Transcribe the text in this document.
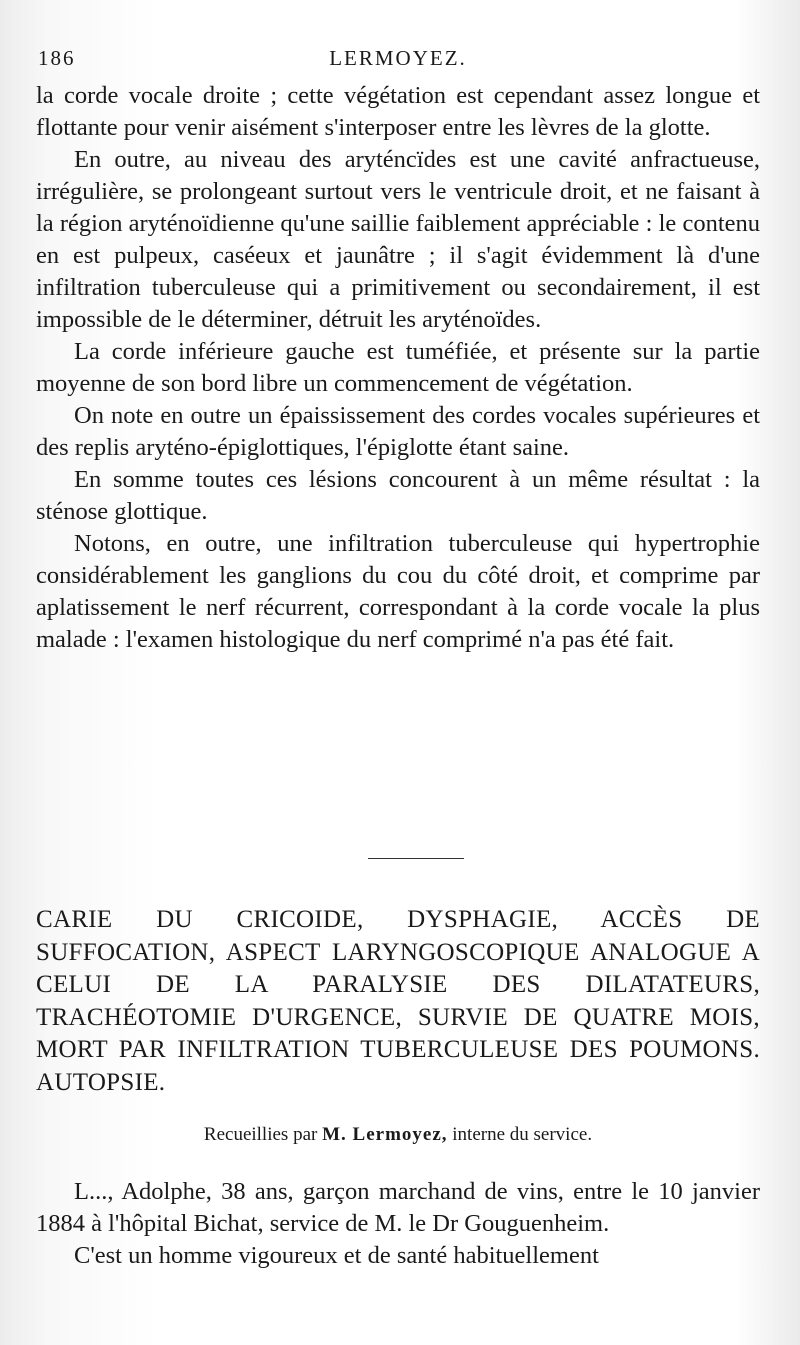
186	LERMOYEZ.

la corde vocale droite ; cette végétation est cependant assez longue et flottante pour venir aisément s'interposer entre les lèvres de la glotte.

En outre, au niveau des aryténcïdes est une cavité anfractueuse, irrégulière, se prolongeant surtout vers le ventricule droit, et ne faisant à la région aryténoïdienne qu'une saillie faiblement appréciable : le contenu en est pulpeux, caséeux et jaunâtre ; il s'agit évidemment là d'une infiltration tuberculeuse qui a primitivement ou secondairement, il est impossible de le déterminer, détruit les aryténoïdes.

La corde inférieure gauche est tuméfiée, et présente sur la partie moyenne de son bord libre un commencement de végétation.

On note en outre un épaississement des cordes vocales supérieures et des replis aryténo-épiglottiques, l'épiglotte étant saine.

En somme toutes ces lésions concourent à un même résultat : la sténose glottique.

Notons, en outre, une infiltration tuberculeuse qui hypertrophie considérablement les ganglions du cou du côté droit, et comprime par aplatissement le nerf récurrent, correspondant à la corde vocale la plus malade : l'examen histologique du nerf comprimé n'a pas été fait.

CARIE DU CRICOIDE, DYSPHAGIE, ACCÈS DE SUFFOCATION, ASPECT LARYNGOSCOPIQUE ANALOGUE A CELUI DE LA PARALYSIE DES DILATATEURS, TRACHÉOTOMIE D'URGENCE, SURVIE DE QUATRE MOIS, MORT PAR INFILTRATION TUBERCULEUSE DES POUMONS. AUTOPSIE.

Recueillies par M. Lermoyez, interne du service.

L..., Adolphe, 38 ans, garçon marchand de vins, entre le 10 janvier 1884 à l'hôpital Bichat, service de M. le Dr Gouguenheim.

C'est un homme vigoureux et de santé habituellement
